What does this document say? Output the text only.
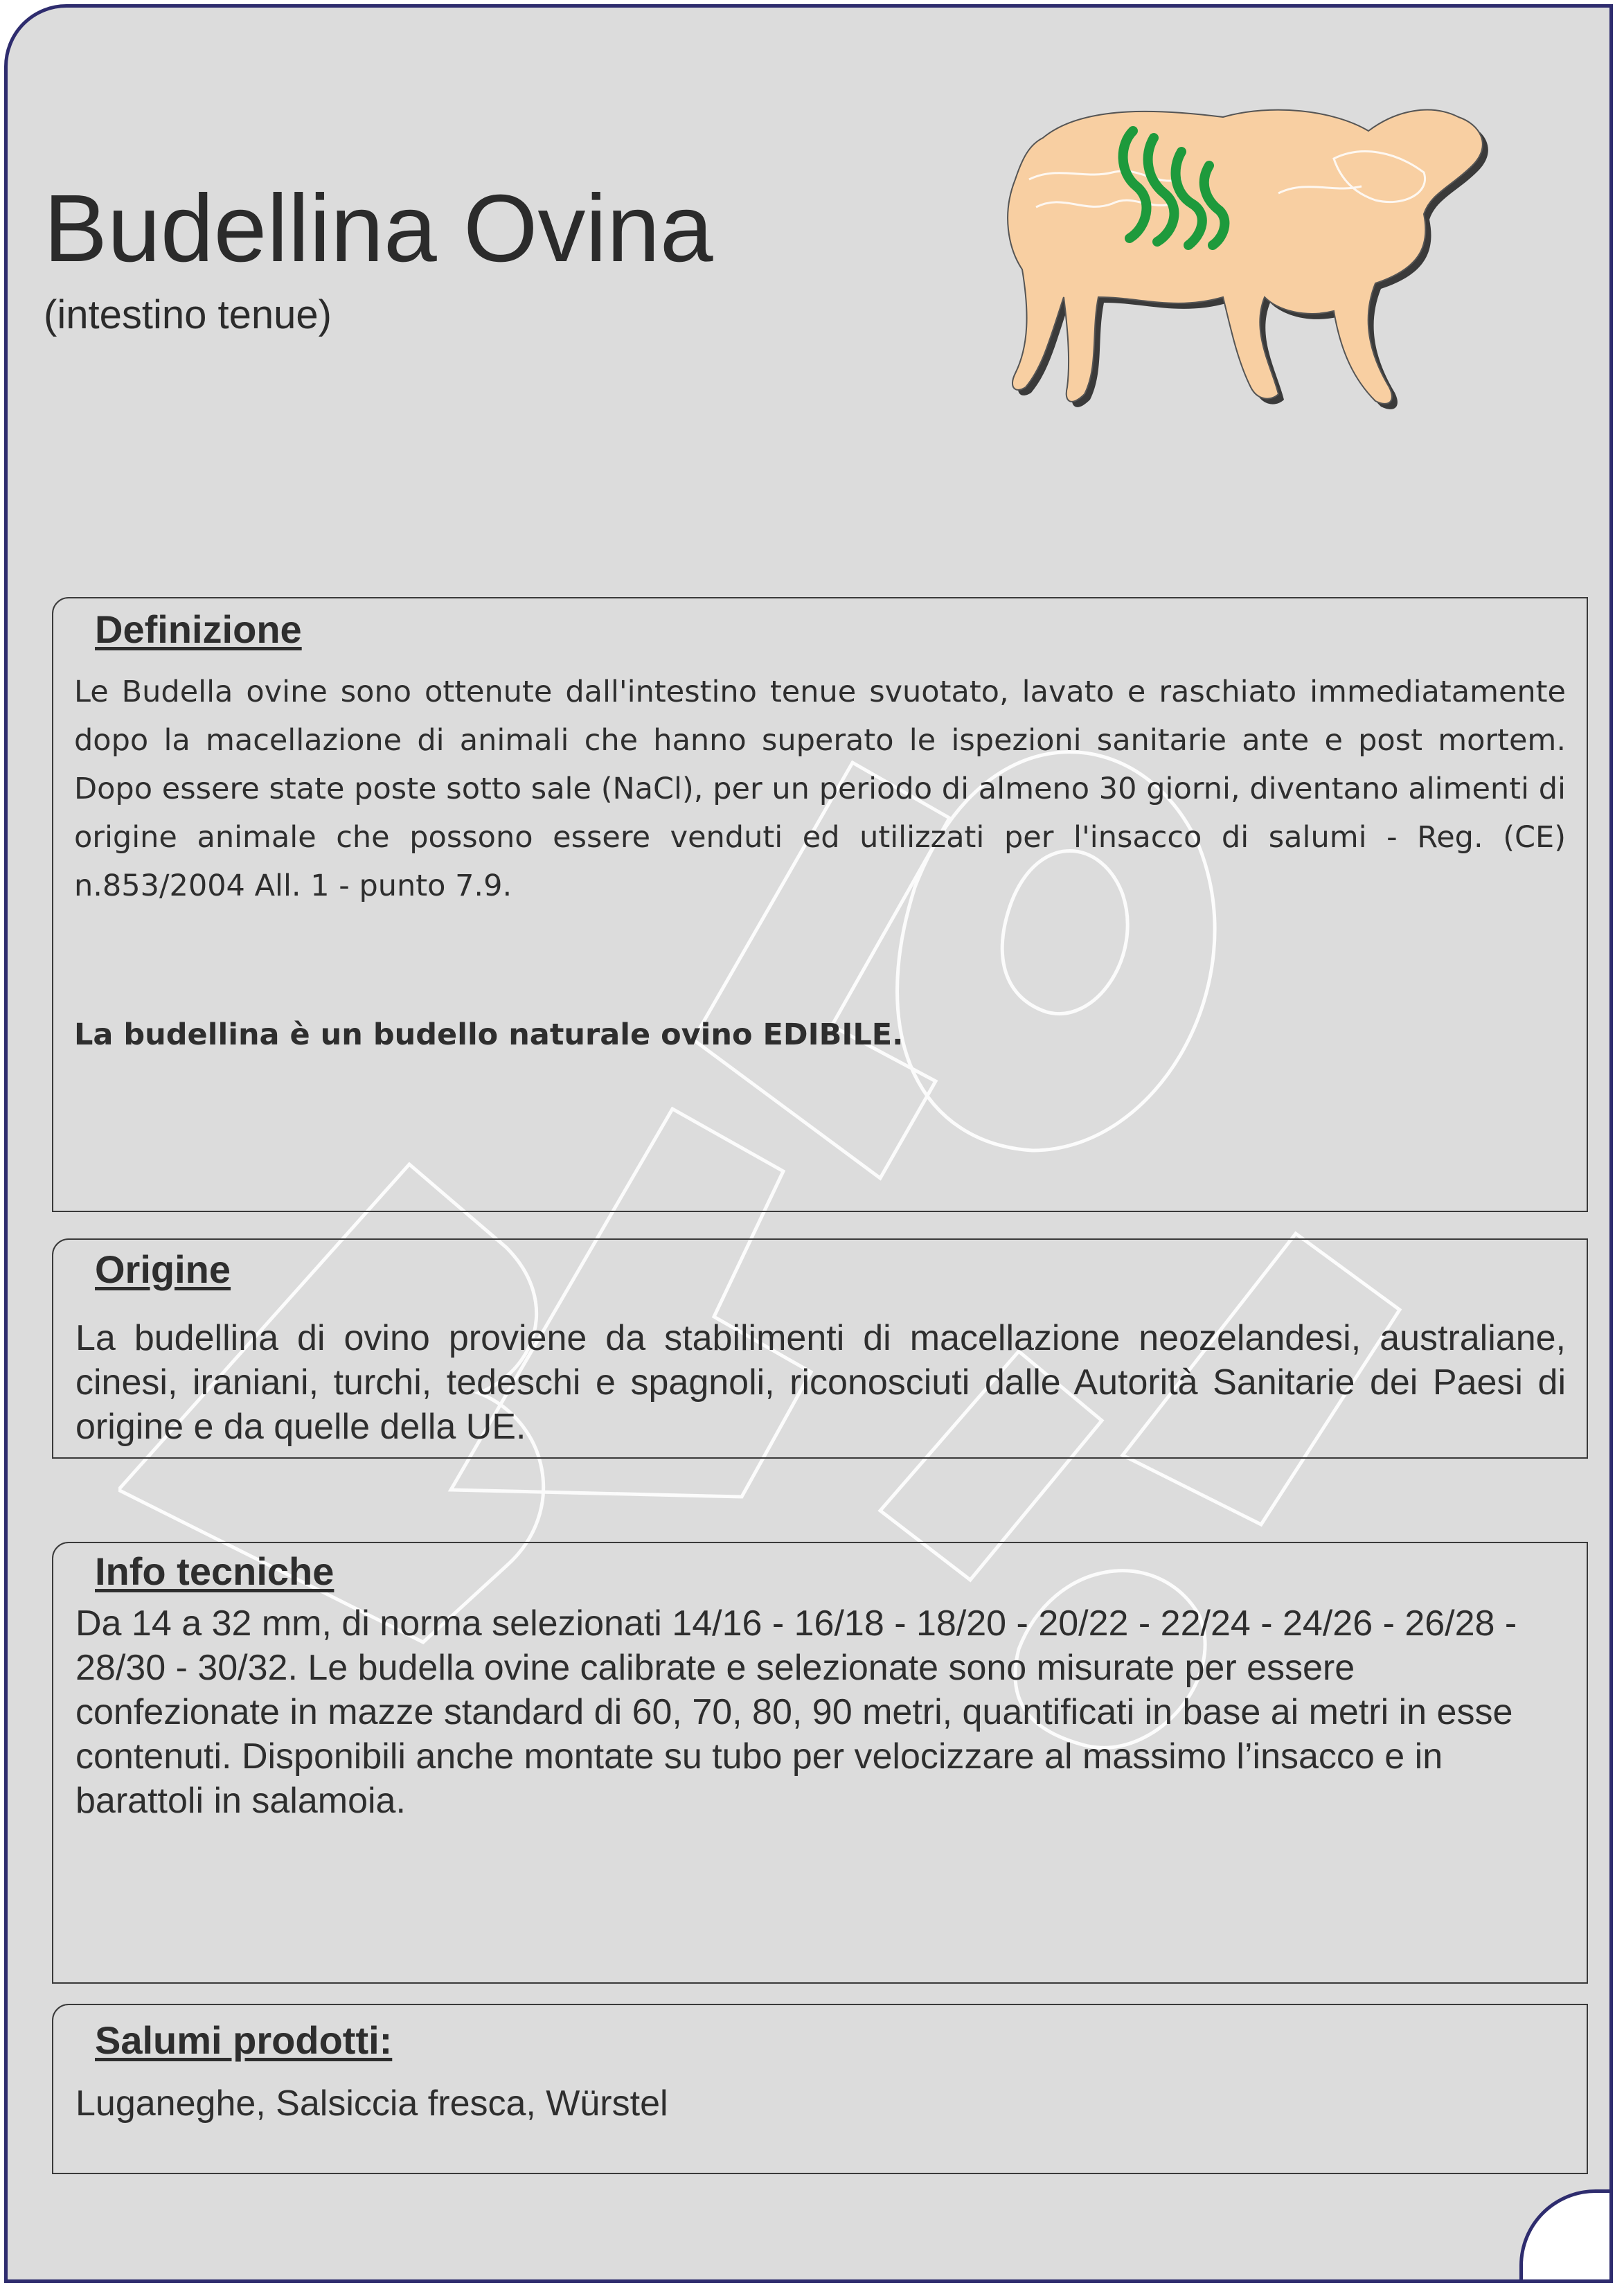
Budellina Ovina

(intestino tenue)

Definizione

Le Budella ovine sono ottenute dall'intestino tenue svuotato, lavato e raschiato immediatamente dopo la macellazione di animali che hanno superato le ispezioni sanitarie ante e post mortem. Dopo essere state poste sotto sale (NaCl), per un periodo di almeno 30 giorni, diventano alimenti di origine animale che possono essere venduti ed utilizzati per l'insacco di salumi - Reg. (CE) n.853/2004 All. 1 - punto 7.9.

La budellina è un budello naturale ovino EDIBILE.

Origine

La budellina di ovino proviene da stabilimenti di macellazione neozelandesi, australiane, cinesi, iraniani, turchi, tedeschi e spagnoli, riconosciuti dalle Autorità Sanitarie dei Paesi di origine e da quelle della UE.

Info tecniche

Da 14 a 32 mm, di norma selezionati 14/16 - 16/18 - 18/20 - 20/22 - 22/24 - 24/26 - 26/28 - 28/30 - 30/32. Le budella ovine calibrate e selezionate sono misurate per essere confezionate in mazze standard di 60, 70, 80, 90 metri, quantificati in base ai metri in esse contenuti. Disponibili anche montate su tubo per velocizzare al massimo l’insacco e in barattoli in salamoia.

Salumi prodotti:

Luganeghe, Salsiccia fresca, Würstel
